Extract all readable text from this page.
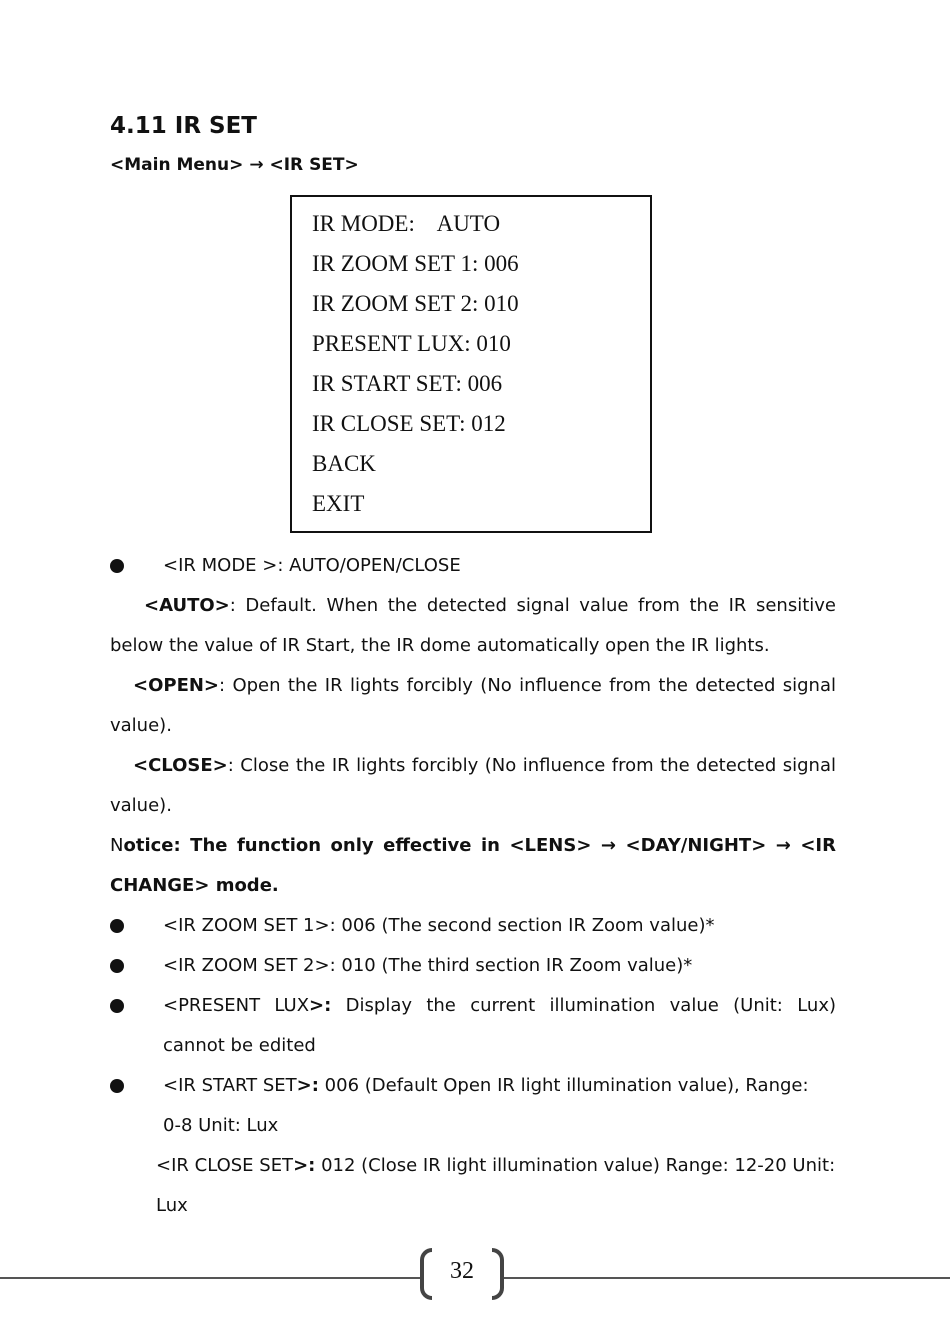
4.11 IR SET
<Main Menu> → <IR SET>
IR MODE:    AUTO
IR ZOOM SET 1: 006
IR ZOOM SET 2: 010
PRESENT LUX: 010
IR START SET: 006
IR CLOSE SET: 012
BACK
EXIT
<IR MODE >: AUTO/OPEN/CLOSE
<AUTO>: Default. When the detected signal value from the IR sensitive
below the value of IR Start, the IR dome automatically open the IR lights.
<OPEN>: Open the IR lights forcibly (No influence from the detected signal
value).
<CLOSE>: Close the IR lights forcibly (No influence from the detected signal
value).
Notice: The function only effective in <LENS> → <DAY/NIGHT> → <IR
CHANGE> mode.
<IR ZOOM SET 1>: 006 (The second section IR Zoom value)*
<IR ZOOM SET 2>: 010 (The third section IR Zoom value)*
<PRESENT LUX>: Display the current illumination value (Unit: Lux)
cannot be edited
<IR START SET>: 006 (Default Open IR light illumination value), Range:
0-8 Unit: Lux
<IR CLOSE SET>: 012 (Close IR light illumination value) Range: 12-20 Unit:
Lux
32
